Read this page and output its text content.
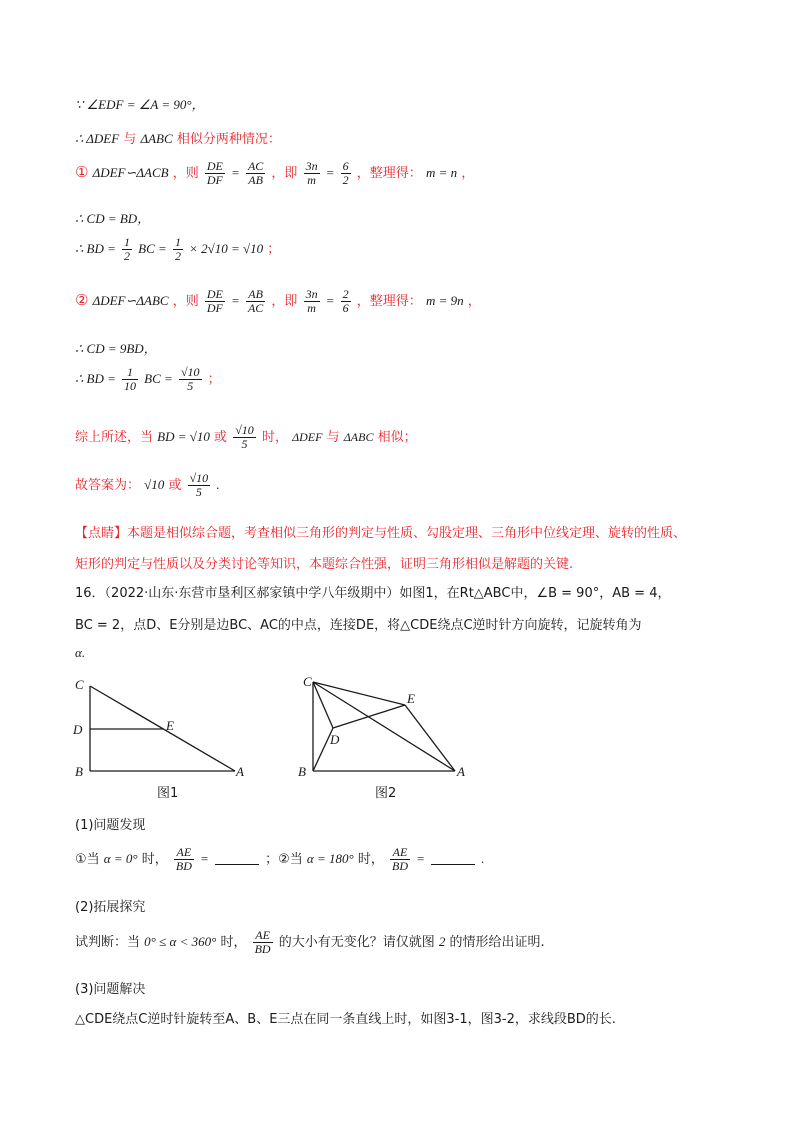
∵ ∠EDF = ∠A = 90°，
∴ ΔDEF 与 ΔABC 相似分两种情况：
① ΔDEF∽ΔACB ，则 $\frac{DE}{DF} = \frac{AC}{AB}$ ，即 $\frac{3n}{m} = \frac{6}{2}$ ，整理得： m = n ，
∴ CD = BD，
∴ BD = $\frac{1}{2}$ BC = $\frac{1}{2} \times 2√10 = √10$ ；
② ΔDEF∽ΔABC ，则 $\frac{DE}{DF} = \frac{AB}{AC}$ ，即 $\frac{3n}{m} = \frac{2}{6}$ ，整理得： m = 9n ，
∴ CD = 9BD，
∴ BD = $\frac{1}{10}$ BC = $\frac{√10}{5}$ ；
综上所述，当 BD = √10 或 $\frac{√10}{5}$ 时， ΔDEF 与 ΔABC 相似；
故答案为： √10 或 $\frac{√10}{5}$ .
【点睛】本题是相似综合题，考查相似三角形的判定与性质、勾股定理、三角形中位线定理、旋转的性质、
矩形的判定与性质以及分类讨论等知识，本题综合性强，证明三角形相似是解题的关键.
16．（2022·山东·东营市垦利区郝家镇中学八年级期中）如图1，在Rt△ABC中，∠B = 90°，AB = 4，
BC = 2，点D、E分别是边BC、AC的中点，连接DE，将△CDE绕点C逆时针方向旋转，记旋转角为
α.
C
D	E
B	A
图1
C
D
E
B	A
图2
(1)问题发现
①当 α = 0° 时， $\frac{AE}{BD}$ =	；②当 α = 180° 时， $\frac{AE}{BD}$ =	.
(2)拓展探究
试判断：当 0° ≤ α < 360° 时， $\frac{AE}{BD}$ 的大小有无变化？请仅就图 2 的情形给出证明.
(3)问题解决
△CDE绕点C逆时针旋转至A、B、E三点在同一条直线上时，如图3-1，图3-2，求线段BD的长.
